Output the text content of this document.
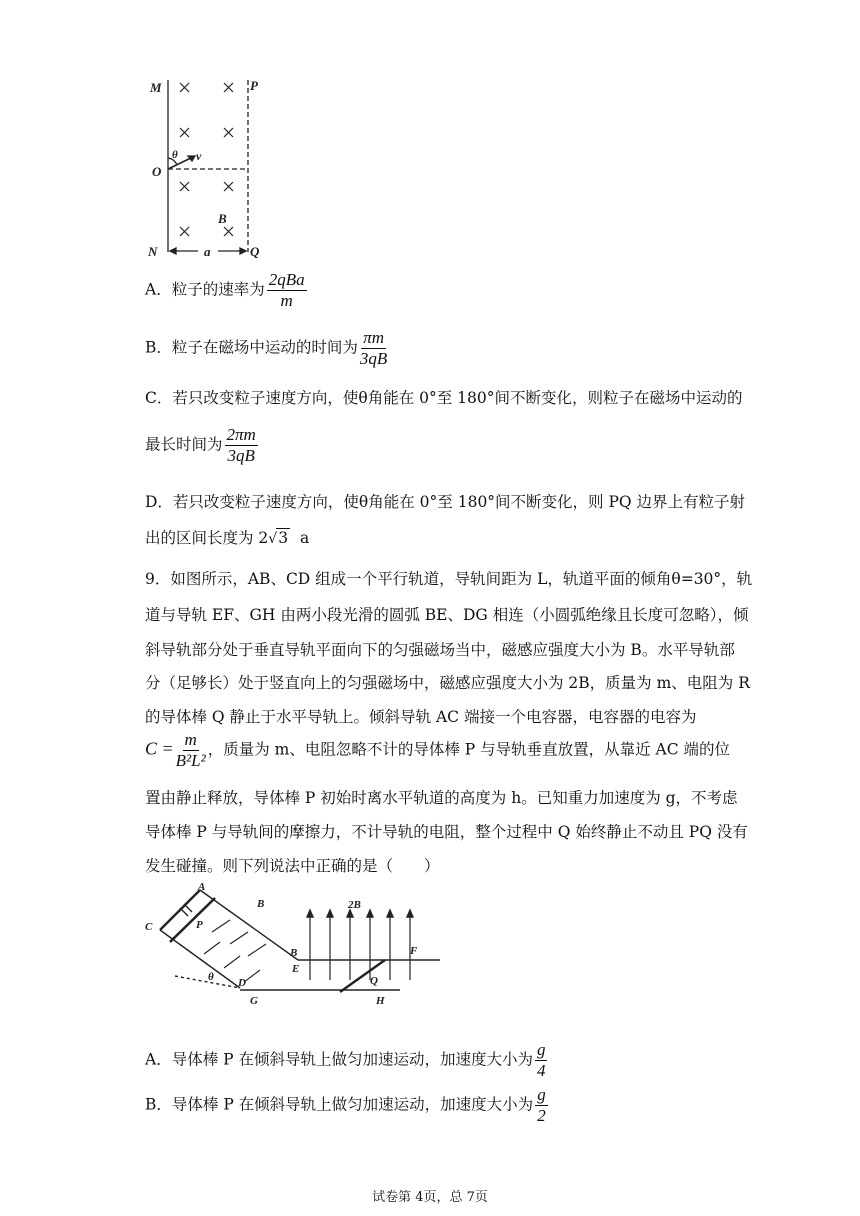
M	P
O
N	Q
B
a
θ v
A．粒子的速率为 $\frac{\text{2qBa}}{m}$
B．粒子在磁场中运动的时间为 $\frac{\pi m}{3qB}$
C．若只改变粒子速度方向，使θ角能在 0°至 180°间不断变化，则粒子在磁场中运动的
最长时间为 $\frac{2\pi m}{3qB}$
D．若只改变粒子速度方向，使θ角能在 0°至 180°间不断变化，则 PQ 边界上有粒子射
出的区间长度为 2√3 a
9．如图所示，AB、CD 组成一个平行轨道，导轨间距为 L，轨道平面的倾角θ=30°，轨
道与导轨 EF、GH 由两小段光滑的圆弧 BE、DG 相连（小圆弧绝缘且长度可忽略），倾
斜导轨部分处于垂直导轨平面向下的匀强磁场当中，磁感应强度大小为 B。水平导轨部
分（足够长）处于竖直向上的匀强磁场中，磁感应强度大小为 2B，质量为 m、电阻为 R
的导体棒 Q 静止于水平导轨上。倾斜导轨 AC 端接一个电容器，电容器的电容为
$C = \frac{m}{\text{B²L²}}$ ，质量为 m、电阻忽略不计的导体棒 P 与导轨垂直放置，从靠近 AC 端的位
置由静止释放，导体棒 P 初始时离水平轨道的高度为 h。已知重力加速度为 g，不考虑
导体棒 P 与导轨间的摩擦力，不计导轨的电阻，整个过程中 Q 始终静止不动且 PQ 没有
发生碰撞。则下列说法中正确的是（　　）
A
B
C	P
B
E
2B
F
Q
θ D
G	H
A．导体棒 P 在倾斜导轨上做匀加速运动，加速度大小为 $\frac{g}{4}$
B．导体棒 P 在倾斜导轨上做匀加速运动，加速度大小为 $\frac{g}{2}$
试卷第 4页，总 7页
